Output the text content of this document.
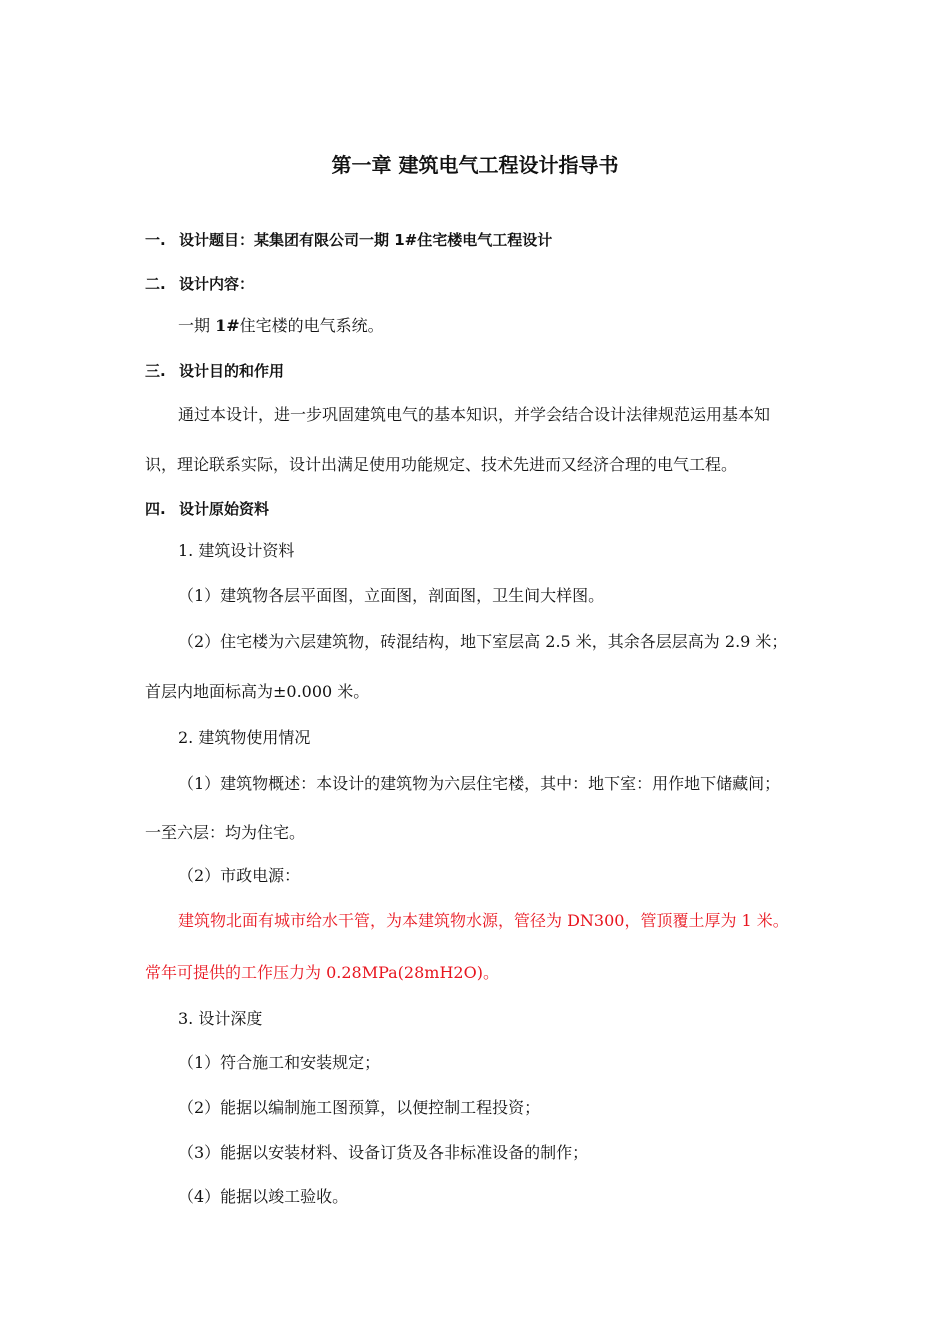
第一章 建筑电气工程设计指导书
一. 设计题目：某集团有限公司一期 1#住宅楼电气工程设计
二. 设计内容：
一期 1#住宅楼的电气系统。
三. 设计目的和作用
通过本设计，进一步巩固建筑电气的基本知识，并学会结合设计法律规范运用基本知
识，理论联系实际，设计出满足使用功能规定、技术先进而又经济合理的电气工程。
四. 设计原始资料
1. 建筑设计资料
（1）建筑物各层平面图，立面图，剖面图，卫生间大样图。
（2）住宅楼为六层建筑物，砖混结构，地下室层高 2.5 米，其余各层层高为 2.9 米；
首层内地面标高为±0.000 米。
2. 建筑物使用情况
（1）建筑物概述：本设计的建筑物为六层住宅楼，其中：地下室：用作地下储藏间；
一至六层：均为住宅。
（2）市政电源：
建筑物北面有城市给水干管，为本建筑物水源，管径为 DN300，管顶覆土厚为 1 米。
常年可提供的工作压力为 0.28MPa(28mH2O)。
3. 设计深度
（1）符合施工和安装规定；
（2）能据以编制施工图预算，以便控制工程投资；
（3）能据以安装材料、设备订货及各非标准设备的制作；
（4）能据以竣工验收。
